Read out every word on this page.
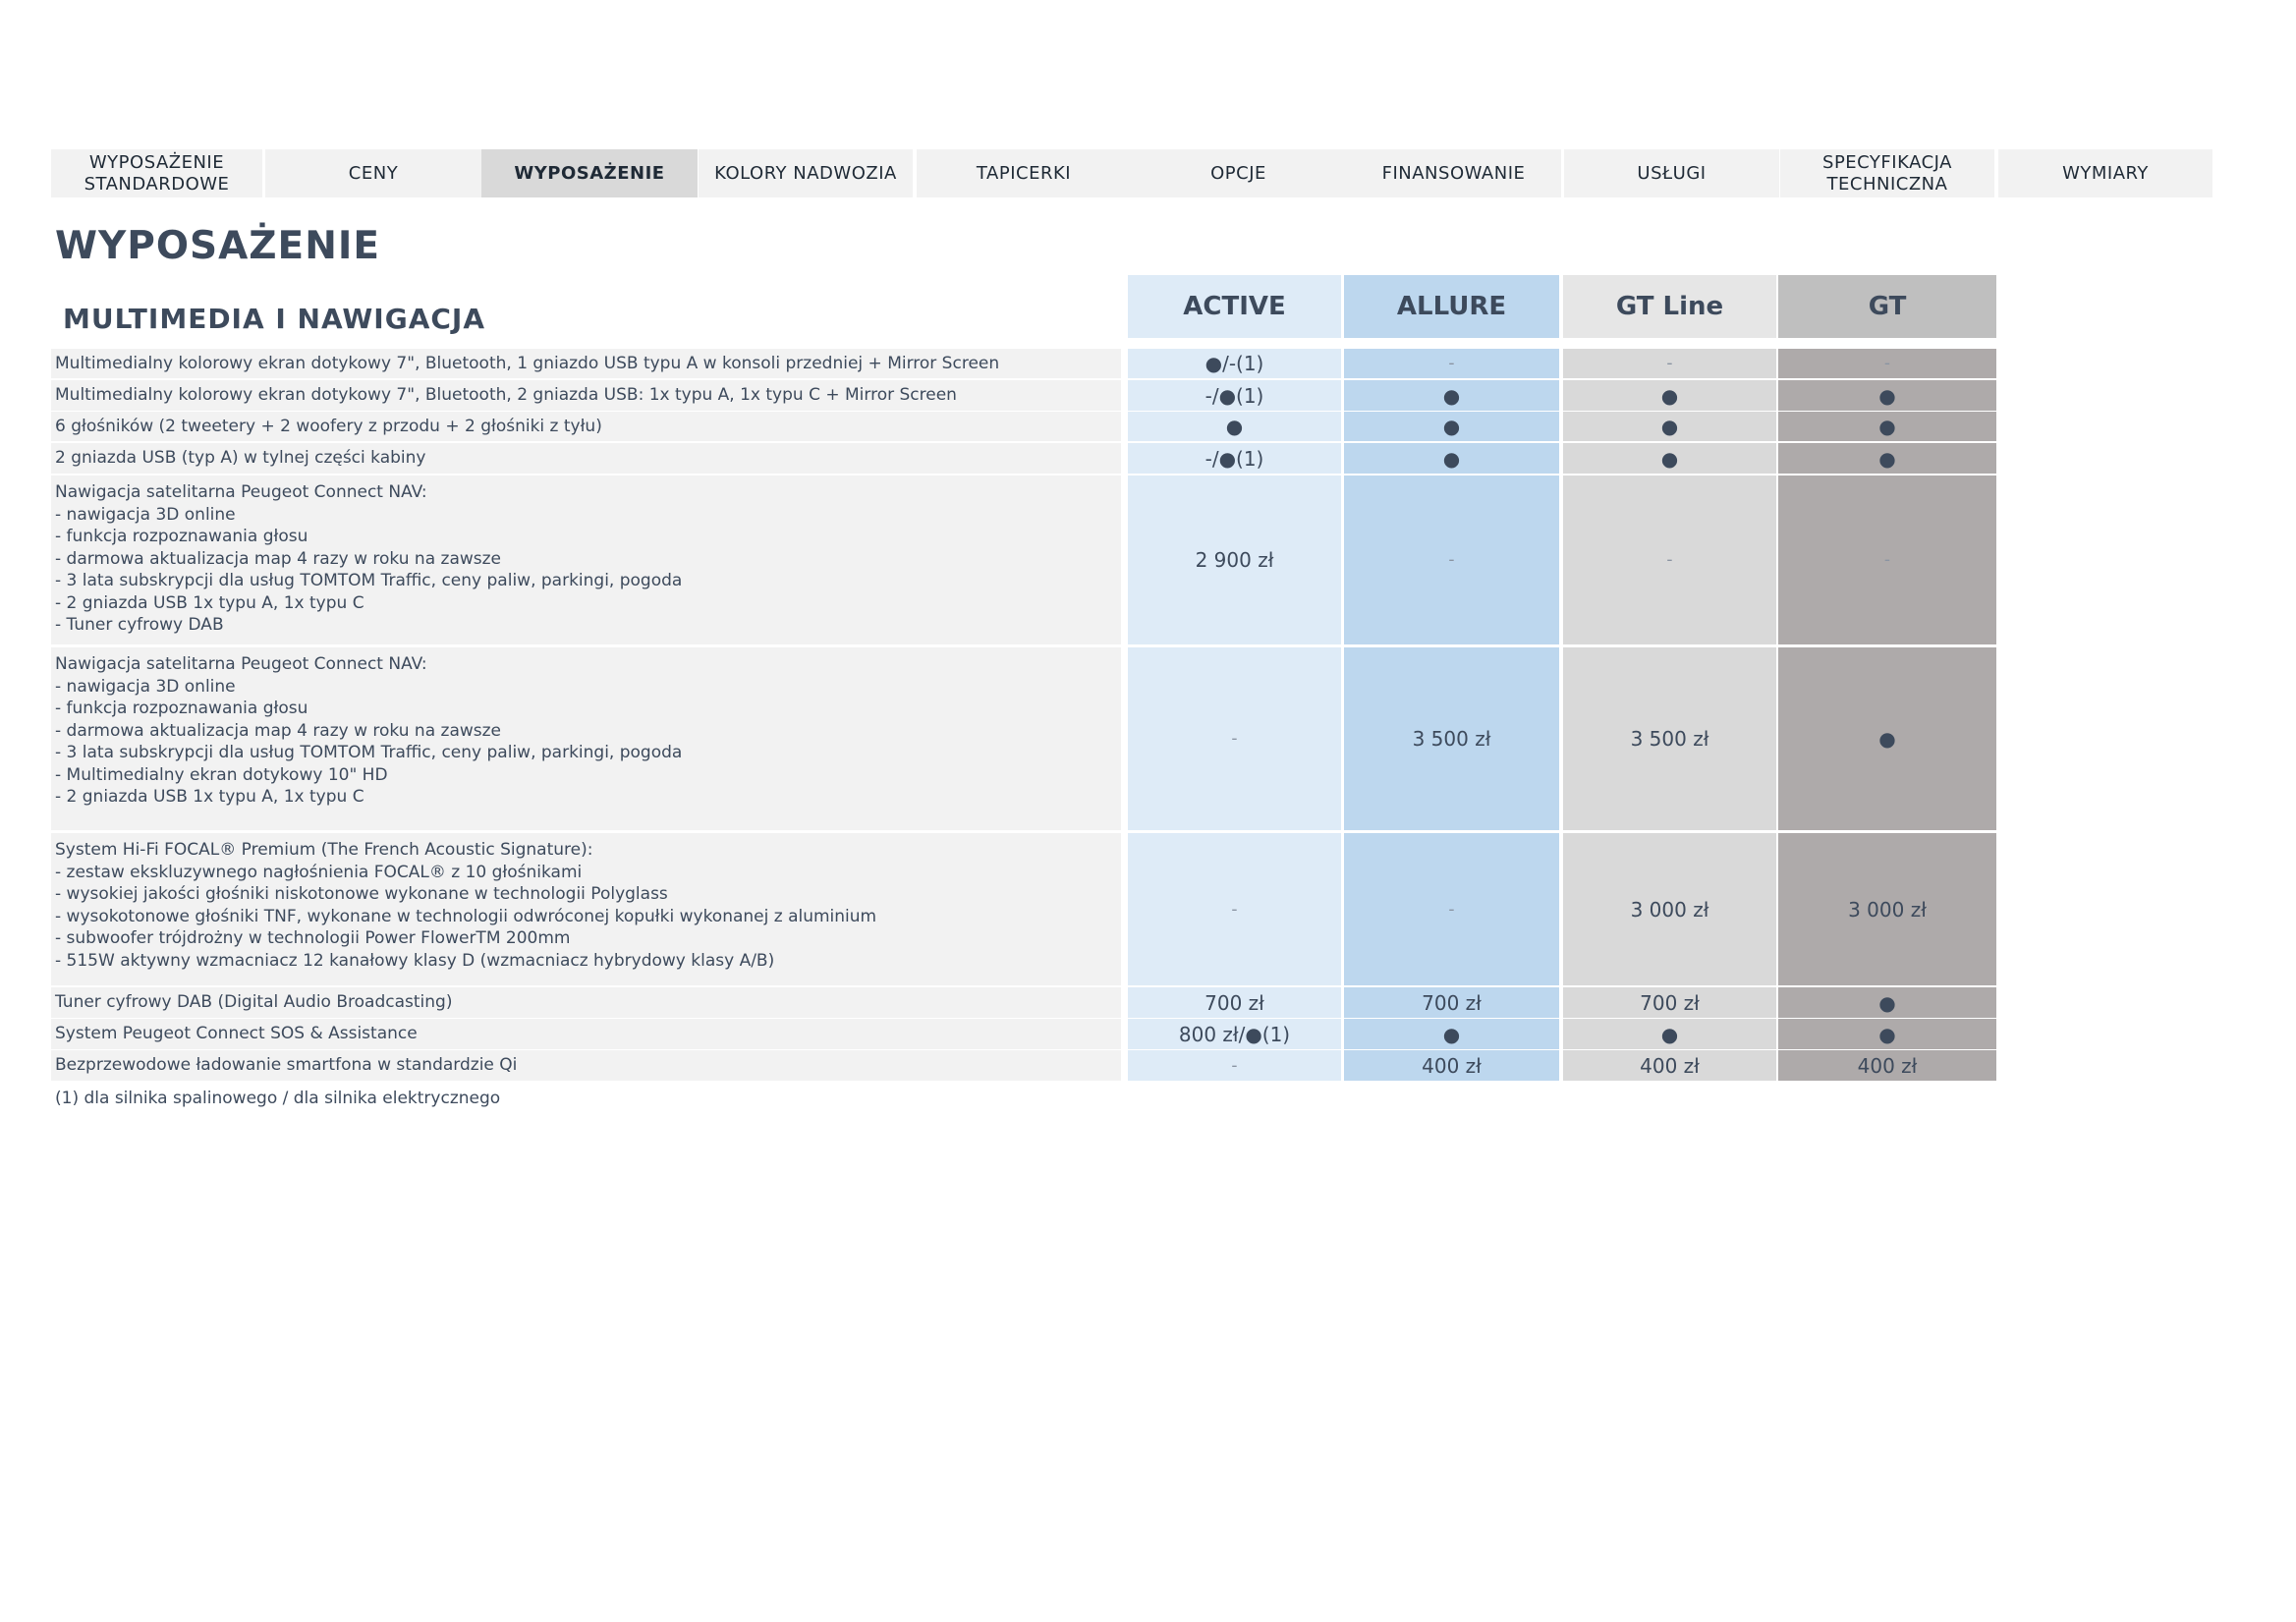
WYPOSAŻENIE
STANDARDOWE
CENY	WYPOSAŻENIE	KOLORY NADWOZIA	TAPICERKI	OPCJE	FINANSOWANIE	USŁUGI
SPECYFIKACJA
TECHNICZNA
WYMIARY
WYPOSAŻENIE
MULTIMEDIA I NAWIGACJA	ACTIVE	ALLURE	GT Line	GT
Multimedialny kolorowy ekran dotykowy 7", Bluetooth, 1 gniazdo USB typu A w konsoli przedniej + Mirror Screen	●/-(1)	-	-	-
Multimedialny kolorowy ekran dotykowy 7", Bluetooth, 2 gniazda USB: 1x typu A, 1x typu C + Mirror Screen	-/●(1)	●	●	●
6 głośników (2 tweetery + 2 woofery z przodu + 2 głośniki z tyłu)	●	●	●	●
2 gniazda USB (typ A) w tylnej części kabiny	-/●(1)	●	●	●
Nawigacja satelitarna Peugeot Connect NAV:
- nawigacja 3D online
- funkcja rozpoznawania głosu
- darmowa aktualizacja map 4 razy w roku na zawsze
- 3 lata subskrypcji dla usług TOMTOM Traffic, ceny paliw, parkingi, pogoda
- 2 gniazda USB 1x typu A, 1x typu C
- Tuner cyfrowy DAB
2 900 zł	-	-	-
Nawigacja satelitarna Peugeot Connect NAV:
- nawigacja 3D online
- funkcja rozpoznawania głosu
- darmowa aktualizacja map 4 razy w roku na zawsze
- 3 lata subskrypcji dla usług TOMTOM Traffic, ceny paliw, parkingi, pogoda
- Multimedialny ekran dotykowy 10" HD
- 2 gniazda USB 1x typu A, 1x typu C
-	3 500 zł	3 500 zł	●
System Hi-Fi FOCAL® Premium (The French Acoustic Signature):
- zestaw ekskluzywnego nagłośnienia FOCAL® z 10 głośnikami
- wysokiej jakości głośniki niskotonowe wykonane w technologii Polyglass
- wysokotonowe głośniki TNF, wykonane w technologii odwróconej kopułki wykonanej z aluminium
- subwoofer trójdrożny w technologii Power FlowerTM 200mm
- 515W aktywny wzmacniacz 12 kanałowy klasy D (wzmacniacz hybrydowy klasy A/B)
-	-	3 000 zł	3 000 zł
Tuner cyfrowy DAB (Digital Audio Broadcasting)	700 zł	700 zł	700 zł	●
System Peugeot Connect SOS & Assistance	800 zł/●(1)	●	●	●
Bezprzewodowe ładowanie smartfona w standardzie Qi	-	400 zł	400 zł	400 zł
(1) dla silnika spalinowego / dla silnika elektrycznego
